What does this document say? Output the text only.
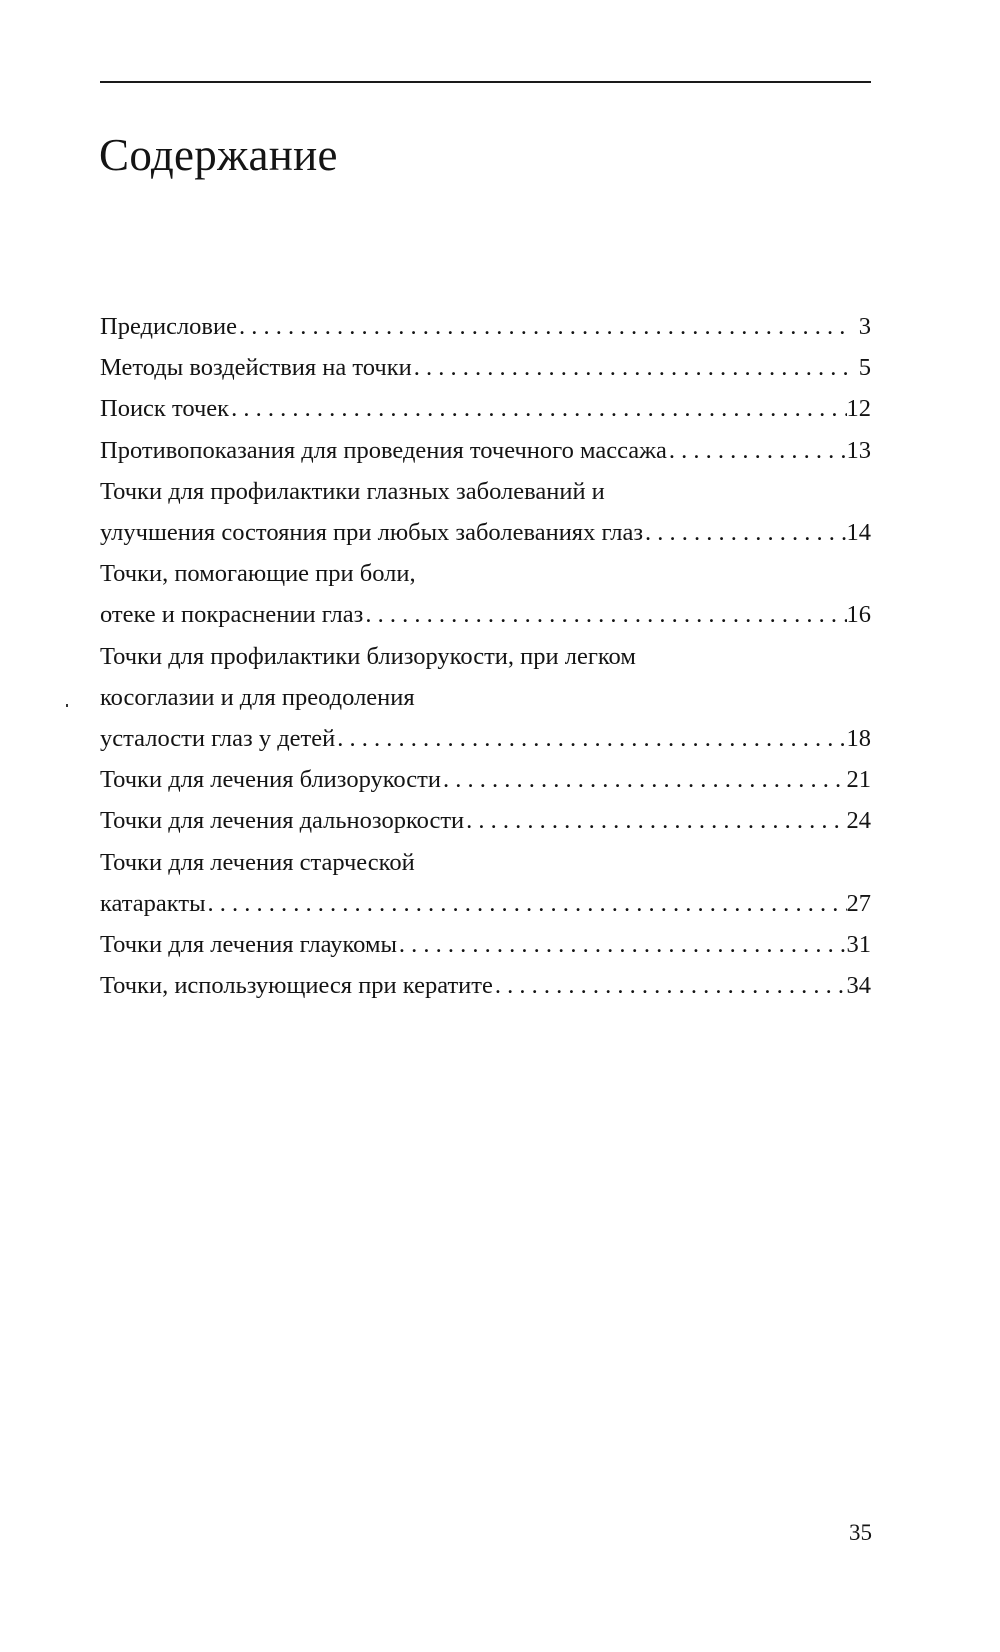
Содержание
Предисловие . . .	3
Методы воздействия на точки . . .	5
Поиск точек . . .	12
Противопоказания для проведения точечного массажа . . .	13
Точки для профилактики глазных заболеваний и
улучшения состояния при любых заболеваниях глаз . . .	14
Точки, помогающие при боли,
отеке и покраснении глаз . . .	16
Точки для профилактики близорукости, при легком
косоглазии и для преодоления
усталости глаз у детей . . .	18
Точки для лечения близорукости . . .	21
Точки для лечения дальнозоркости . . .	24
Точки для лечения старческой
катаракты . . .	27
Точки для лечения глаукомы . . .	31
Точки, использующиеся при кератите . . .	34
35
